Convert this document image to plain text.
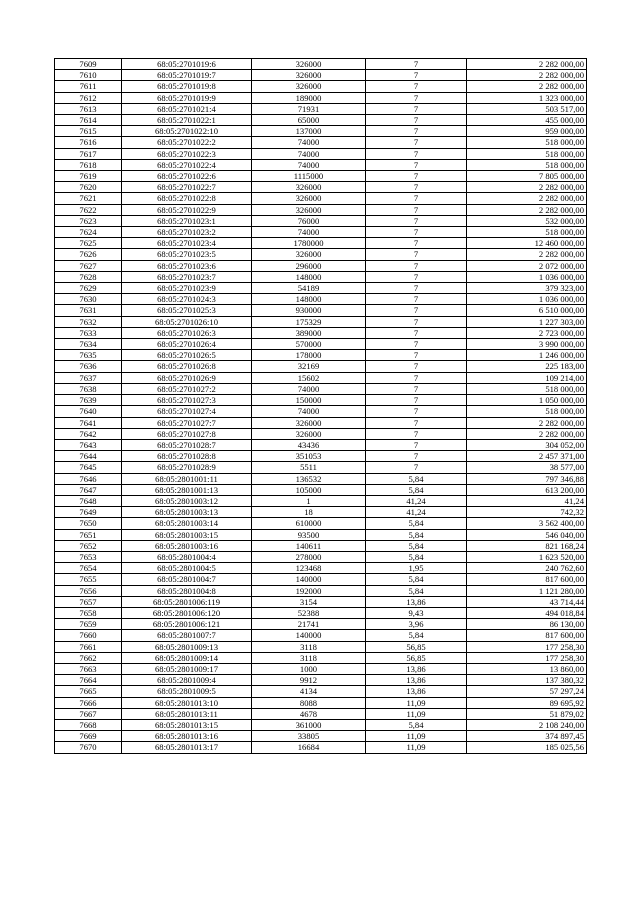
7609	68:05:2701019:6	326000	7	2 282 000,00
7610	68:05:2701019:7	326000	7	2 282 000,00
7611	68:05:2701019:8	326000	7	2 282 000,00
7612	68:05:2701019:9	189000	7	1 323 000,00
7613	68:05:2701021:4	71931	7	503 517,00
7614	68:05:2701022:1	65000	7	455 000,00
7615	68:05:2701022:10	137000	7	959 000,00
7616	68:05:2701022:2	74000	7	518 000,00
7617	68:05:2701022:3	74000	7	518 000,00
7618	68:05:2701022:4	74000	7	518 000,00
7619	68:05:2701022:6	1115000	7	7 805 000,00
7620	68:05:2701022:7	326000	7	2 282 000,00
7621	68:05:2701022:8	326000	7	2 282 000,00
7622	68:05:2701022:9	326000	7	2 282 000,00
7623	68:05:2701023:1	76000	7	532 000,00
7624	68:05:2701023:2	74000	7	518 000,00
7625	68:05:2701023:4	1780000	7	12 460 000,00
7626	68:05:2701023:5	326000	7	2 282 000,00
7627	68:05:2701023:6	296000	7	2 072 000,00
7628	68:05:2701023:7	148000	7	1 036 000,00
7629	68:05:2701023:9	54189	7	379 323,00
7630	68:05:2701024:3	148000	7	1 036 000,00
7631	68:05:2701025:3	930000	7	6 510 000,00
7632	68:05:2701026:10	175329	7	1 227 303,00
7633	68:05:2701026:3	389000	7	2 723 000,00
7634	68:05:2701026:4	570000	7	3 990 000,00
7635	68:05:2701026:5	178000	7	1 246 000,00
7636	68:05:2701026:8	32169	7	225 183,00
7637	68:05:2701026:9	15602	7	109 214,00
7638	68:05:2701027:2	74000	7	518 000,00
7639	68:05:2701027:3	150000	7	1 050 000,00
7640	68:05:2701027:4	74000	7	518 000,00
7641	68:05:2701027:7	326000	7	2 282 000,00
7642	68:05:2701027:8	326000	7	2 282 000,00
7643	68:05:2701028:7	43436	7	304 052,00
7644	68:05:2701028:8	351053	7	2 457 371,00
7645	68:05:2701028:9	5511	7	38 577,00
7646	68:05:2801001:11	136532	5,84	797 346,88
7647	68:05:2801001:13	105000	5,84	613 200,00
7648	68:05:2801003:12	1	41,24	41,24
7649	68:05:2801003:13	18	41,24	742,32
7650	68:05:2801003:14	610000	5,84	3 562 400,00
7651	68:05:2801003:15	93500	5,84	546 040,00
7652	68:05:2801003:16	140611	5,84	821 168,24
7653	68:05:2801004:4	278000	5,84	1 623 520,00
7654	68:05:2801004:5	123468	1,95	240 762,60
7655	68:05:2801004:7	140000	5,84	817 600,00
7656	68:05:2801004:8	192000	5,84	1 121 280,00
7657	68:05:2801006:119	3154	13,86	43 714,44
7658	68:05:2801006:120	52388	9,43	494 018,84
7659	68:05:2801006:121	21741	3,96	86 130,00
7660	68:05:2801007:7	140000	5,84	817 600,00
7661	68:05:2801009:13	3118	56,85	177 258,30
7662	68:05:2801009:14	3118	56,85	177 258,30
7663	68:05:2801009:17	1000	13,86	13 860,00
7664	68:05:2801009:4	9912	13,86	137 380,32
7665	68:05:2801009:5	4134	13,86	57 297,24
7666	68:05:2801013:10	8088	11,09	89 695,92
7667	68:05:2801013:11	4678	11,09	51 879,02
7668	68:05:2801013:15	361000	5,84	2 108 240,00
7669	68:05:2801013:16	33805	11,09	374 897,45
7670	68:05:2801013:17	16684	11,09	185 025,56
